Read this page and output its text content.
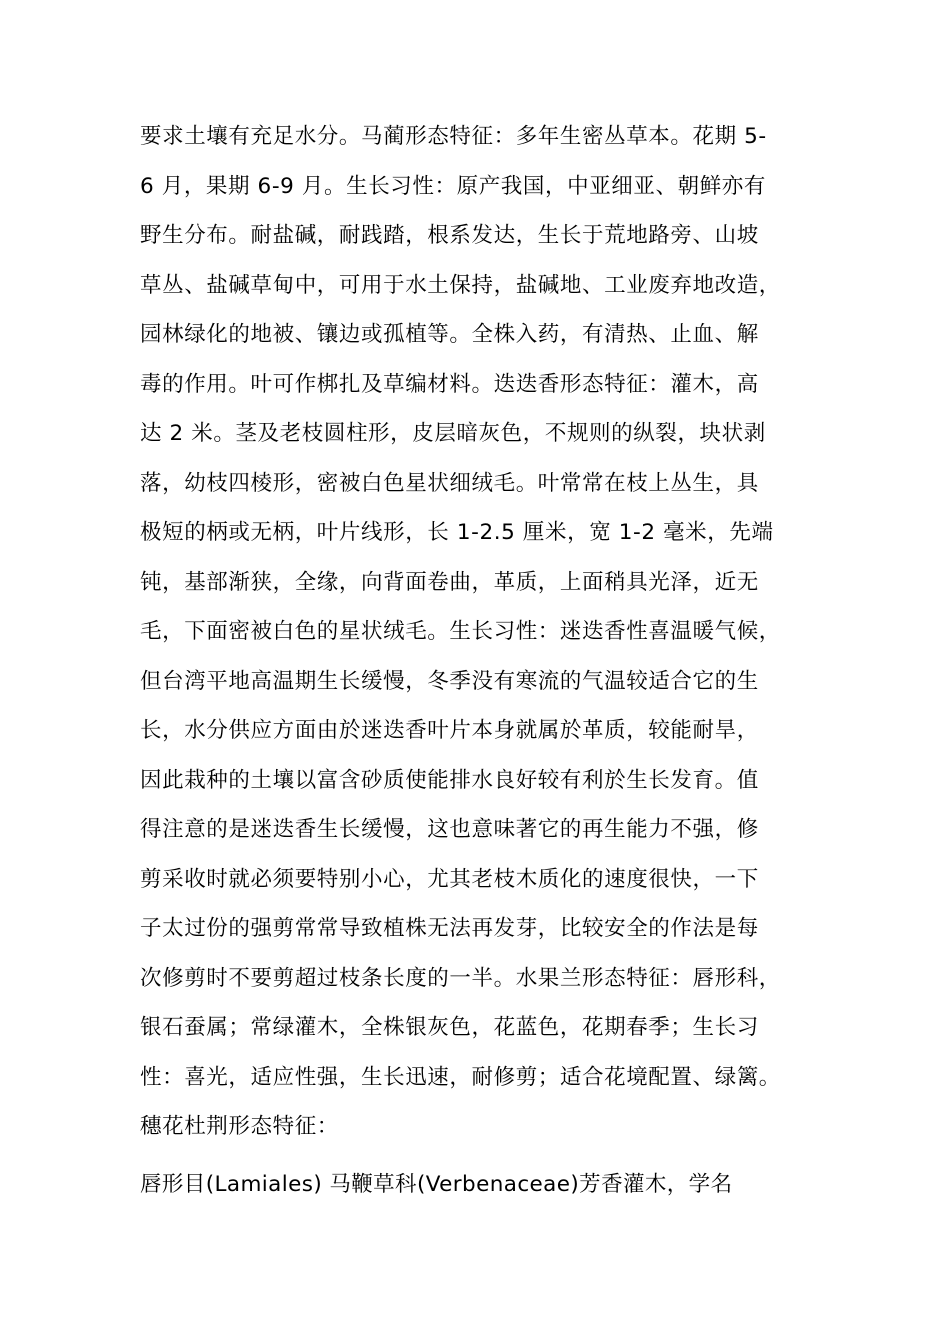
要求土壤有充足水分。马蔺形态特征：多年生密丛草本。花期 5-
6 月，果期 6-9 月。生长习性：原产我国，中亚细亚、朝鲜亦有
野生分布。耐盐碱，耐践踏，根系发达，生长于荒地路旁、山坡
草丛、盐碱草甸中，可用于水土保持，盐碱地、工业废弃地改造，
园林绿化的地被、镶边或孤植等。全株入药，有清热、止血、解
毒的作用。叶可作梆扎及草编材料。迭迭香形态特征：灌木，高
达 2 米。茎及老枝圆柱形，皮层暗灰色，不规则的纵裂，块状剥
落，幼枝四棱形，密被白色星状细绒毛。叶常常在枝上丛生，具
极短的柄或无柄，叶片线形，长 1-2.5 厘米，宽 1-2 毫米，先端
钝，基部渐狭，全缘，向背面卷曲，革质，上面稍具光泽，近无
毛，下面密被白色的星状绒毛。生长习性：迷迭香性喜温暖气候，
但台湾平地高温期生长缓慢，冬季没有寒流的气温较适合它的生
长，水分供应方面由於迷迭香叶片本身就属於革质，较能耐旱，
因此栽种的土壤以富含砂质使能排水良好较有利於生长发育。值
得注意的是迷迭香生长缓慢，这也意味著它的再生能力不强，修
剪采收时就必须要特别小心，尤其老枝木质化的速度很快，一下
子太过份的强剪常常导致植株无法再发芽，比较安全的作法是每
次修剪时不要剪超过枝条长度的一半。水果兰形态特征：唇形科，
银石蚕属；常绿灌木，全株银灰色，花蓝色，花期春季；生长习
性：喜光，适应性强，生长迅速，耐修剪；适合花境配置、绿篱。
穗花杜荆形态特征：
唇形目(Lamiales) 马鞭草科(Verbenaceae)芳香灌木，学名
